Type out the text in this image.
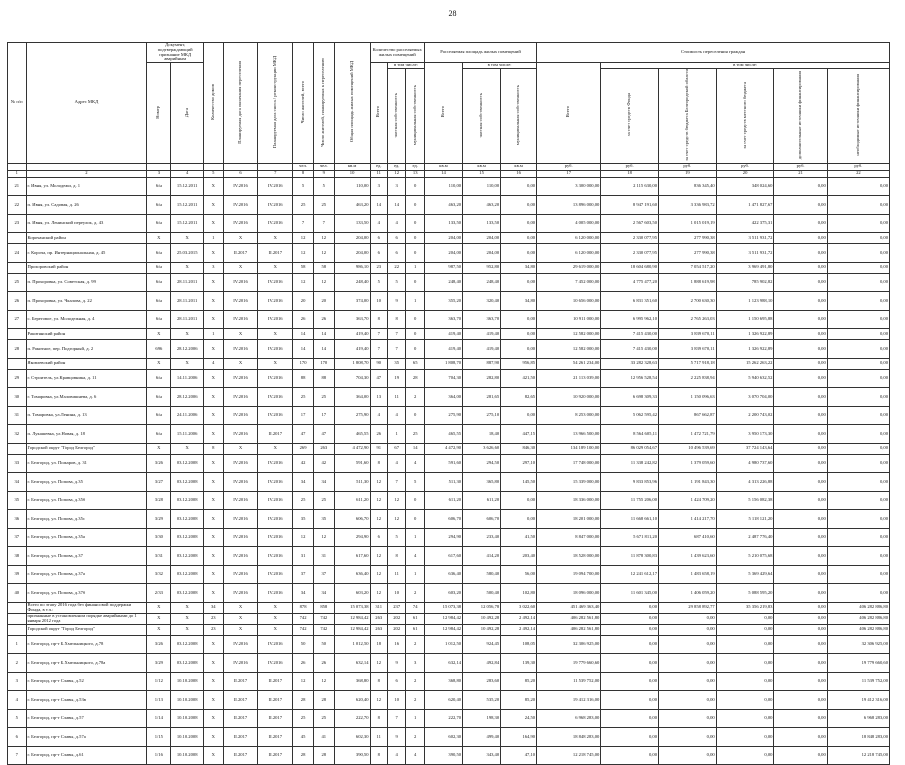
28
№ п/п	Адрес МКД	Документ, подтверждающий признание МКД аварийным		Количество домов	Планируемая дата окончания переселения	Планируемая дата сноса / реконструкции МКД	Число жителей, всего	Число жителей, планируемых к переселению	Общая площадь жилых помещений МКД	Количество расселяемых жилых помещений			Расселяемая площадь жилых помещений			Стоимость переселения граждан					
		Номер	Дата							Всего	в том числе:		Всего	в том числе:		Всего	в том числе:				
											частная собственность	муниципальная собственность		частная собственность	муниципальная собственность		за счет средств Фонда	за счет средств бюджета Белгородской области	за счет средств местного бюджета	дополнительные источники финансирования	необходимые источники финансирования
							чел.	чел.	кв.м	ед.	ед.	ед.	кв.м	кв.м	кв.м	руб.	руб.	руб.	руб.	руб.	руб.
1	2	3	4	5	6	7	8	9	10	11	12	13	14	15	16	17	18	19	20	21	22
21	г. Ивня, ул. Молодежи, д. 1	6/н	15.12.2011	X	IV.2016	IV.2016	5	5	110,00	3	3	0	110,00	110,00	0,00	3 300 000,00	2 115 630,00	836 345,40	348 024,60	0,00	0,00
22	п. Ивня, ул. Садовая, д. 26	6/н	15.12.2011	X	IV.2016	IV.2016	25	25	463,20	14	14	0	463,20	463,20	0,00	13 896 000,00	8 947 191,60	3 336 983,72	1 471 827,67	0,00	0,00
23	п. Ивня, ул. Ленинский переулок, д. 43	6/н	15.12.2011	X	IV.2016	IV.2016	7	7	133,50	4	4	0	133,50	133,50	0,00	4 005 000,00	2 567 603,50	1 015 019,19	422 375,31	0,00	0,00
	Корочанский район	X	X	1	X	X	12	12	204,00	6	6	0	204,00	204,00	0,00	6 120 000,00	2 330 077,95	277 990,38	3 511 931,72	0,00	0,00
24	г. Короча, пр. Интернациональная, д. 45	6/н	25.03.2015	X	II.2017	II.2017	12	12	204,00	6	6	0	204,00	204,00	0,00	6 120 000,00	2 330 077,95	277 990,38	3 511 931,72	0,00	0,00
	Прохоровский район	6/н	X	3	X	X	58	58	986,10	23	22	1	987,50	952,80	34,80	29 619 000,00	18 604 680,90	7 054 517,20	3 969 491,80	0,00	0,00
25	п. Прохоровка, ул. Советская, д. 99	6/н	28.11.2011	X	IV.2016	IV.2016	12	12	248,40	5	5	0	248,40	248,40	0,00	7 452 000,00	4 775 477,20	1 888 619,98	785 902,82	0,00	0,00
26	п. Прохоровка, ул. Чкалова, д. 22	6/н	28.11.2011	X	IV.2016	IV.2016	20	20	374,00	10	9	1	355,20	320,40	34,80	10 656 000,00	6 831 351,60	2 700 630,30	1 123 988,10	0,00	0,00
27	с. Береговое, ул. Молодежная, д. 4	6/н	28.11.2011	X	IV.2016	IV.2016	26	26	363,70	8	8	0	363,70	363,70	0,00	10 911 000,00	6 995 962,10	2 765 263,03	1 150 695,88	0,00	0,00
	Ракитянский район	X	X	1	X	X	14	14	419,40	7	7	0	419,40	419,40	0,00	12 582 000,00	7 415 430,00	3 839 670,11	1 326 922,89	0,00	0,00
28	п. Ракитное, пер. Подгорный, д. 2	696	28.12.2006	X	IV.2016	IV.2016	14	14	419,40	7	7	0	419,40	419,40	0,00	12 582 000,00	7 415 430,00	3 839 670,11	1 326 922,89	0,00	0,00
	Яковлевский район	X	X	4	X	X	170	170	1 808,70	90	35	65	1 808,70	887,90	956,85	54 261 234,00	33 282 328,63	5 717 918,18	15 262 263,22	0,00	0,00
29	г. Строитель, ул.Кравцовника, д. 11	6/н	14.11.2006	X	IV.2016	IV.2016	88	88	704,30	47	19	28	704,30	282,80	421,50	21 113 039,00	12 956 528,54	2 225 838,94	5 940 632,52	0,00	0,00
30	г. Томаровка, ул.Маловишнева, д. 6	6/н	28.12.2006	X	IV.2016	IV.2016	25	25	364,00	13	11	2	364,00	281,65	82,65	10 920 000,00	6 698 309,33	1 150 096,63	3 070 704,00	0,00	0,00
31	п. Томаровка, ул.Ленина, д. 13	6/н	24.11.2006	X	IV.2016	IV.2016	17	17	275,90	4	4	0	275,90	275,10	0,00	8 253 000,00	5 062 595,42	867 662,87	2 200 743,02	0,00	0,00
32	п. Лукашевка, ул.Новая, д. 18	6/н	15.11.2006	X	IV.2016	II.2017	47	47	465,55	26	1	25	465,55	18,40	447,15	13 966 500,00	8 564 605,11	1 472 721,79	3 950 173,30	0,00	0,00
	Городской округ "Город Белгород"	X	X	8	X	X	269	263	4 472,90	91	67	14	4 472,90	3 626,60	846,30	134 189 100,00	86 029 054,67	10 496 539,69	37 724 143,64	0,00	0,00
33	г. Белгород, ул. Пожаров, д. 31	3/26	03.12.2008	X	IV.2016	IV.2016	42	42	591,60	8	4	4	591,60	294,50	297,10	17 748 000,00	11 338 242,82	1 379 059,60	4 980 737,60	0,00	0,00
34	г. Белгород, ул. Попова, д.35	3/27	03.12.2008	X	IV.2016	IV.2016	34	34	511,30	12	7	5	511,30	365,80	145,50	15 339 000,00	9 833 853,96	1 191 843,30	4 313 226,88	0,00	0,00
35	г. Белгород, ул. Попова, д.35б	3/28	03.12.2008	X	IV.2016	IV.2016	25	25	611,20	12	12	0	611,20	611,20	0,00	18 336 000,00	11 755 206,00	1 424 709,20	5 156 082,38	0,00	0,00
36	г. Белгород, ул. Попова, д.35с	3/29	03.12.2008	X	IV.2016	IV.2016	35	35	606,70	12	12	0	606,70	606,70	0,00	18 201 000,00	11 668 661,10	1 414 217,70	5 118 121,20	0,00	0,00
37	г. Белгород, ул. Попова, д.35а	3/30	03.12.2008	X	IV.2016	IV.2016	12	12	294,90	6	5	1	294,90	233,40	41,50	8 847 000,00	5 671 811,20	687 410,60	2 487 776,40	0,00	0,00
38	г. Белгород, ул. Попова, д.37	3/31	03.12.2008	X	IV.2016	IV.2016	31	31	617,60	12	8	4	617,60	414,20	203,40	18 528 000,00	11 878 300,83	1 439 623,60	5 210 075,68	0,00	0,00
39	г. Белгород, ул. Попова, д.37а	3/32	03.12.2008	X	IV.2016	IV.2016	37	37	636,40	12	11	1	636,40	580,40	56,00	19 094 700,00	12 241 612,17	1 483 658,19	5 369 429,64	0,00	0,00
40	г. Белгород, ул. Попова, д.37б	2/33	03.12.2008	X	IV.2016	IV.2016	34	34	603,20	12	10	2	603,20	500,40	102,80	18 096 000,00	11 601 345,00	1 406 059,20	5 088 595,20	0,00	0,00
	Всего по этапу 2016 года без финансовой поддержки Фонда, в т.ч.:	X	X	34	X	X	878	858	15 073,38	311	237	74	15 073,38	12 056,78	3 022,60	451 469 363,40	0,00	29 858 892,77	35 356 219,83	0,00	406 282 886,80
	признанные в установленном порядке аварийными до 1 января 2012 года	X	X	23	X	X	742	742	12 984,42	263	202	61	12 984,42	10 492,28	2 492,14	406 282 561,80	0,00	0,00	0,00	0,00	406 282 886,80
	Городской округ "Город Белгород"	X	X	23	X	X	742	742	12 984,42	263	202	61	12 984,42	10 492,28	2 492,14	406 282 561,80	0,00	0,00	0,00	0,00	406 282 886,80
1	г. Белгород, пр-т Б.Хмельницкого, д.78	3/26	03.12.2008	X	IV.2016	IV.2016	50	50	1 012,50	18	16	2	1 012,50	924,45	108,05	32 306 925,00	0,00	0,00	0,00	0,00	32 306 925,00
2	г. Белгород, пр-т Б.Хмельницкого, д.78а	3/29	03.12.2008	X	IV.2016	IV.2016	26	26	632,14	12	9	3	632,14	492,84	139,30	19 779 660,60	0,00	0,00	0,00	0,00	19 779 660,60
3	г. Белгород, пр-т Славы, д.52	1/12	10.10.2008	X	II.2017	II.2017	12	12	368,80	8	6	2	368,80	283,60	85,20	11 539 752,00	0,00	0,00	0,00	0,00	11 539 752,00
4	г. Белгород, пр-т Славы, д.53в	1/13	10.10.2008	X	II.2017	II.2017	28	28	620,40	12	10	2	620,40	535,20	85,20	19 412 316,00	0,00	0,00	0,00	0,00	19 412 316,00
5	г. Белгород, пр-т Славы, д.57	1/14	10.10.2008	X	II.2017	II.2017	25	25	222,70	8	7	1	222,70	198,30	24,50	6 968 283,00	0,00	0,00	0,00	0,00	6 968 283,00
6	г. Белгород, пр-т Славы, д.57а	1/15	10.10.2008	X	II.2017	II.2017	45	41	602,30	11	9	2	602,30	499,40	164,90	18 848 283,00	0,00	0,00	0,00	0,00	18 848 283,00
7	г. Белгород, пр-т Славы, д.61	1/16	10.10.2008	X	II.2017	II.2017	28	28	390,50	8	4	4	390,50	343,40	47,10	12 218 745,00	0,00	0,00	0,00	0,00	12 218 745,00
